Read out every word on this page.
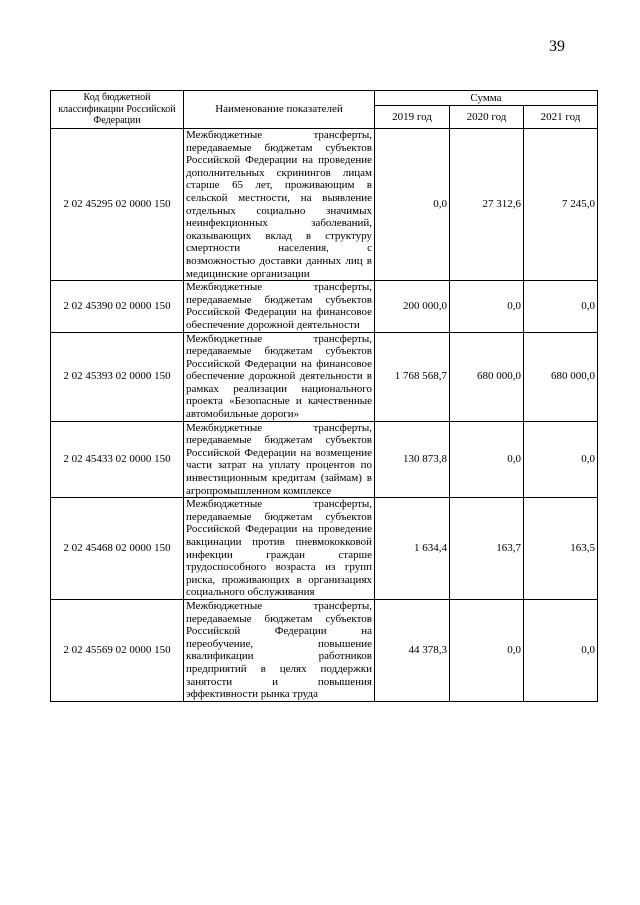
39
Код бюджетной классификации Российской Федерации	Наименование показателей	Сумма		
		2019 год	2020 год	2021 год
2 02 45295 02 0000 150	Межбюджетные трансферты, передаваемые бюджетам субъектов Российской Федерации на проведение дополнительных скринингов лицам старше 65 лет, проживающим в сельской местности, на выявление отдельных социально значимых неинфекционных заболеваний, оказывающих вклад в структуру смертности населения, с возможностью доставки данных лиц в медицинские организации	0,0	27 312,6	7 245,0
2 02 45390 02 0000 150	Межбюджетные трансферты, передаваемые бюджетам субъектов Российской Федерации на финансовое обеспечение дорожной деятельности	200 000,0	0,0	0,0
2 02 45393 02 0000 150	Межбюджетные трансферты, передаваемые бюджетам субъектов Российской Федерации на финансовое обеспечение дорожной деятельности в рамках реализации национального проекта «Безопасные и качественные автомобильные дороги»	1 768 568,7	680 000,0	680 000,0
2 02 45433 02 0000 150	Межбюджетные трансферты, передаваемые бюджетам субъектов Российской Федерации на возмещение части затрат на уплату процентов по инвестиционным кредитам (займам) в агропромышленном комплексе	130 873,8	0,0	0,0
2 02 45468 02 0000 150	Межбюджетные трансферты, передаваемые бюджетам субъектов Российской Федерации на проведение вакцинации против пневмококковой инфекции граждан старше трудоспособного возраста из групп риска, проживающих в организациях социального обслуживания	1 634,4	163,7	163,5
2 02 45569 02 0000 150	Межбюджетные трансферты, передаваемые бюджетам субъектов Российской Федерации на переобучение, повышение квалификации работников предприятий в целях поддержки занятости и повышения эффективности рынка труда	44 378,3	0,0	0,0
